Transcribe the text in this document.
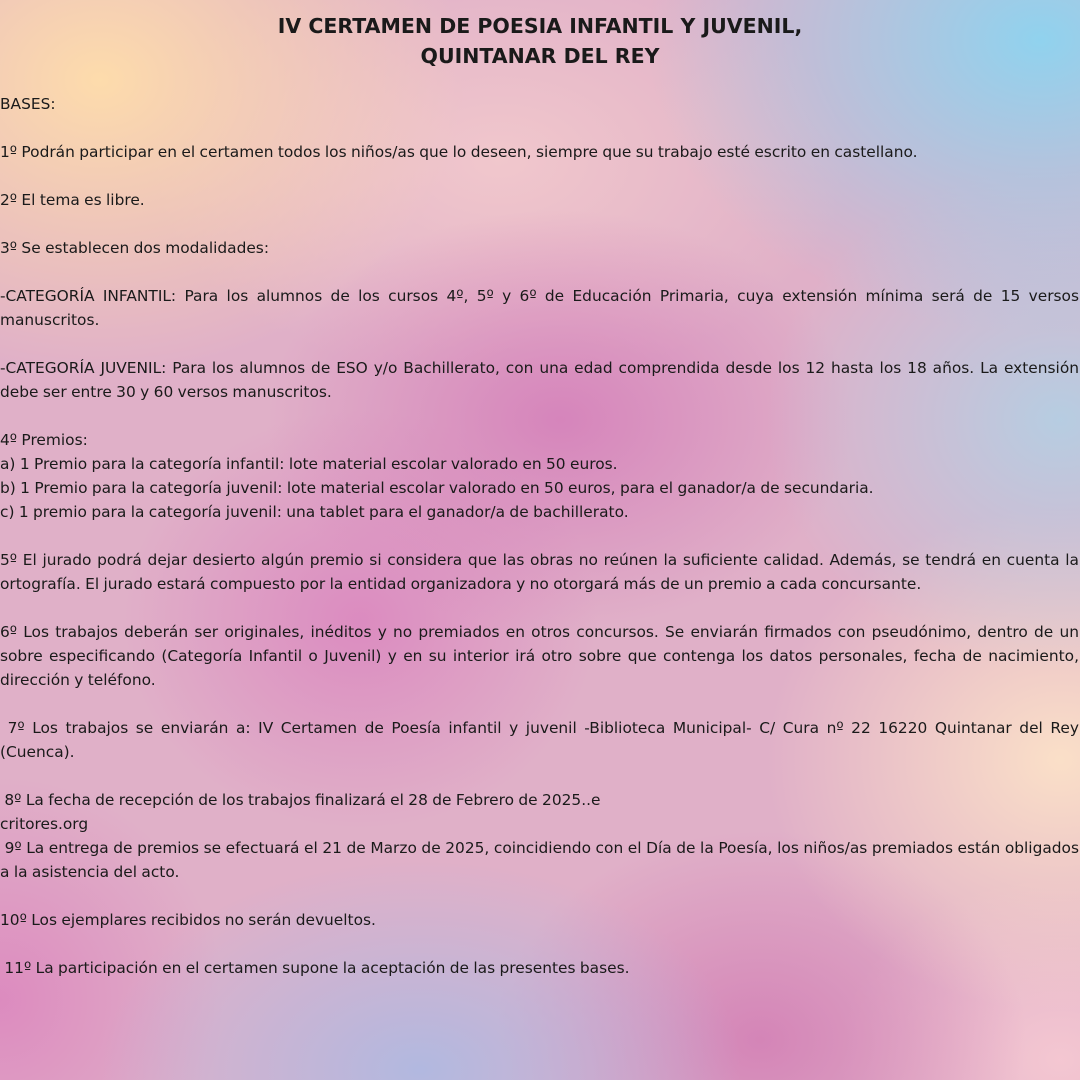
IV CERTAMEN DE POESIA INFANTIL Y JUVENIL,
QUINTANAR DEL REY

BASES:

1º Podrán participar en el certamen todos los niños/as que lo deseen, siempre que su trabajo esté escrito en castellano.

2º El tema es libre.

3º Se establecen dos modalidades:

-CATEGORÍA INFANTIL: Para los alumnos de los cursos 4º, 5º y 6º de Educación Primaria, cuya extensión mínima será de 15 versos manuscritos.

-CATEGORÍA JUVENIL: Para los alumnos de ESO y/o Bachillerato, con una edad comprendida desde los 12 hasta los 18 años. La extensión debe ser entre 30 y 60 versos manuscritos.

4º Premios:

a) 1 Premio para la categoría infantil: lote material escolar valorado en 50 euros.

b) 1 Premio para la categoría juvenil: lote material escolar valorado en 50 euros, para el ganador/a de secundaria.

c) 1 premio para la categoría juvenil: una tablet para el ganador/a de bachillerato.

5º El jurado podrá dejar desierto algún premio si considera que las obras no reúnen la suficiente calidad. Además, se tendrá en cuenta la ortografía. El jurado estará compuesto por la entidad organizadora y no otorgará más de un premio a cada concursante.

6º Los trabajos deberán ser originales, inéditos y no premiados en otros concursos. Se enviarán firmados con pseudónimo, dentro de un sobre especificando (Categoría Infantil o Juvenil) y en su interior irá otro sobre que contenga los datos personales, fecha de nacimiento, dirección y teléfono.

7º Los trabajos se enviarán a: IV Certamen de Poesía infantil y juvenil -Biblioteca Municipal- C/ Cura nº 22 16220 Quintanar del Rey (Cuenca).

8º La fecha de recepción de los trabajos finalizará el 28 de Febrero de 2025..e

critores.org

9º La entrega de premios se efectuará el 21 de Marzo de 2025, coincidiendo con el Día de la Poesía, los niños/as premiados están obligados a la asistencia del acto.

10º Los ejemplares recibidos no serán devueltos.

11º La participación en el certamen supone la aceptación de las presentes bases.
